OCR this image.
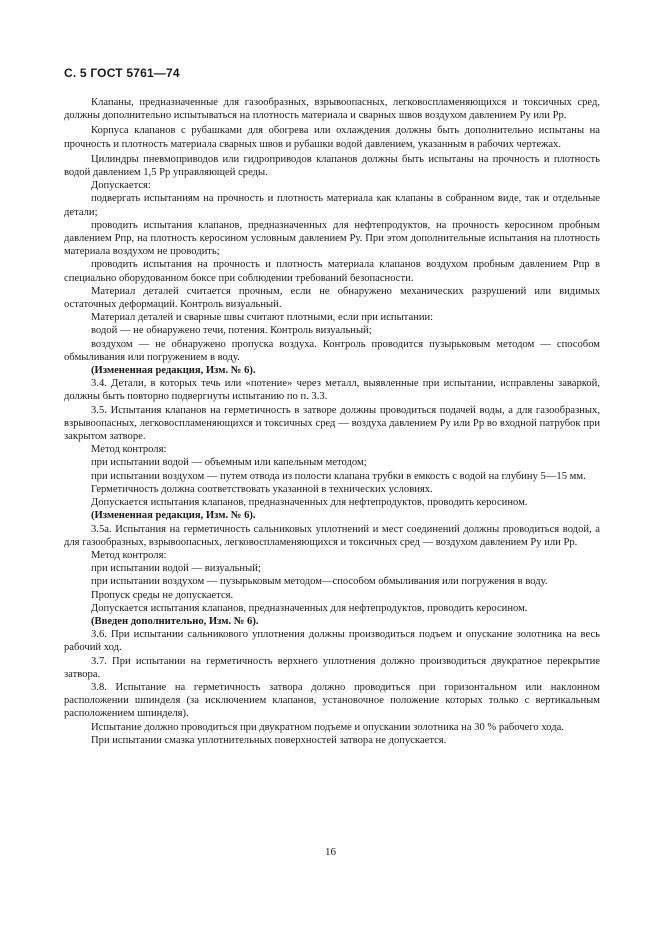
С. 5 ГОСТ 5761—74

Клапаны, предназначенные для газообразных, взрывоопасных, легковоспламеняющихся и токсичных сред, должны дополнительно испытываться на плотность материала и сварных швов воздухом давлением Pу или Pр.

Корпуса клапанов с рубашками для обогрева или охлаждения должны быть дополнительно испытаны на прочность и плотность материала сварных швов и рубашки водой давлением, указанным в рабочих чертежах.

Цилиндры пневмоприводов или гидроприводов клапанов должны быть испытаны на прочность и плотность водой давлением 1,5 Pр управляющей среды.

Допускается:

подвергать испытаниям на прочность и плотность материала как клапаны в собранном виде, так и отдельные детали;

проводить испытания клапанов, предназначенных для нефтепродуктов, на прочность керосином пробным давлением Pпр, на плотность керосином условным давлением Pу. При этом дополнительные испытания на плотность материала воздухом не проводить;

проводить испытания на прочность и плотность материала клапанов воздухом пробным давлением Pпр в специально оборудованном боксе при соблюдении требований безопасности.

Материал деталей считается прочным, если не обнаружено механических разрушений или видимых остаточных деформаций. Контроль визуальный.

Материал деталей и сварные швы считают плотными, если при испытании:

водой — не обнаружено течи, потения. Контроль визуальный;

воздухом — не обнаружено пропуска воздуха. Контроль проводится пузырьковым методом — способом обмыливания или погружением в воду.

(Измененная редакция, Изм. № 6).

3.4. Детали, в которых течь или «потение» через металл, выявленные при испытании, исправлены заваркой, должны быть повторно подвергнуты испытанию по п. 3.3.

3.5. Испытания клапанов на герметичность в затворе должны проводиться подачей воды, а для газообразных, взрывоопасных, легковоспламеняющихся и токсичных сред — воздуха давлением Pу или Pр во входной патрубок при закрытом затворе.

Метод контроля:

при испытании водой — объемным или капельным методом;

при испытании воздухом — путем отвода из полости клапана трубки в емкость с водой на глубину 5—15 мм.

Герметичность должна соответствовать указанной в технических условиях.

Допускается испытания клапанов, предназначенных для нефтепродуктов, проводить керосином.

(Измененная редакция, Изм. № 6).

3.5а. Испытания на герметичность сальниковых уплотнений и мест соединений должны проводиться водой, а для газообразных, взрывоопасных, легковоспламеняющихся и токсичных сред — воздухом давлением Pу или Pр.

Метод контроля:

при испытании водой — визуальный;

при испытании воздухом — пузырьковым методом—способом обмыливания или погружения в воду.

Пропуск среды не допускается.

Допускается испытания клапанов, предназначенных для нефтепродуктов, проводить керосином.

(Введен дополнительно, Изм. № 6).

3.6. При испытании сальникового уплотнения должны производиться подъем и опускание золотника на весь рабочий ход.

3.7. При испытании на герметичность верхнего уплотнения должно производиться двукратное перекрытие затвора.

3.8. Испытание на герметичность затвора должно проводиться при горизонтальном или наклонном расположении шпинделя (за исключением клапанов, установочное положение которых только с вертикальным расположением шпинделя).

Испытание должно проводиться при двукратном подъеме и опускании золотника на 30 % рабочего хода.

При испытании смазка уплотнительных поверхностей затвора не допускается.

16
